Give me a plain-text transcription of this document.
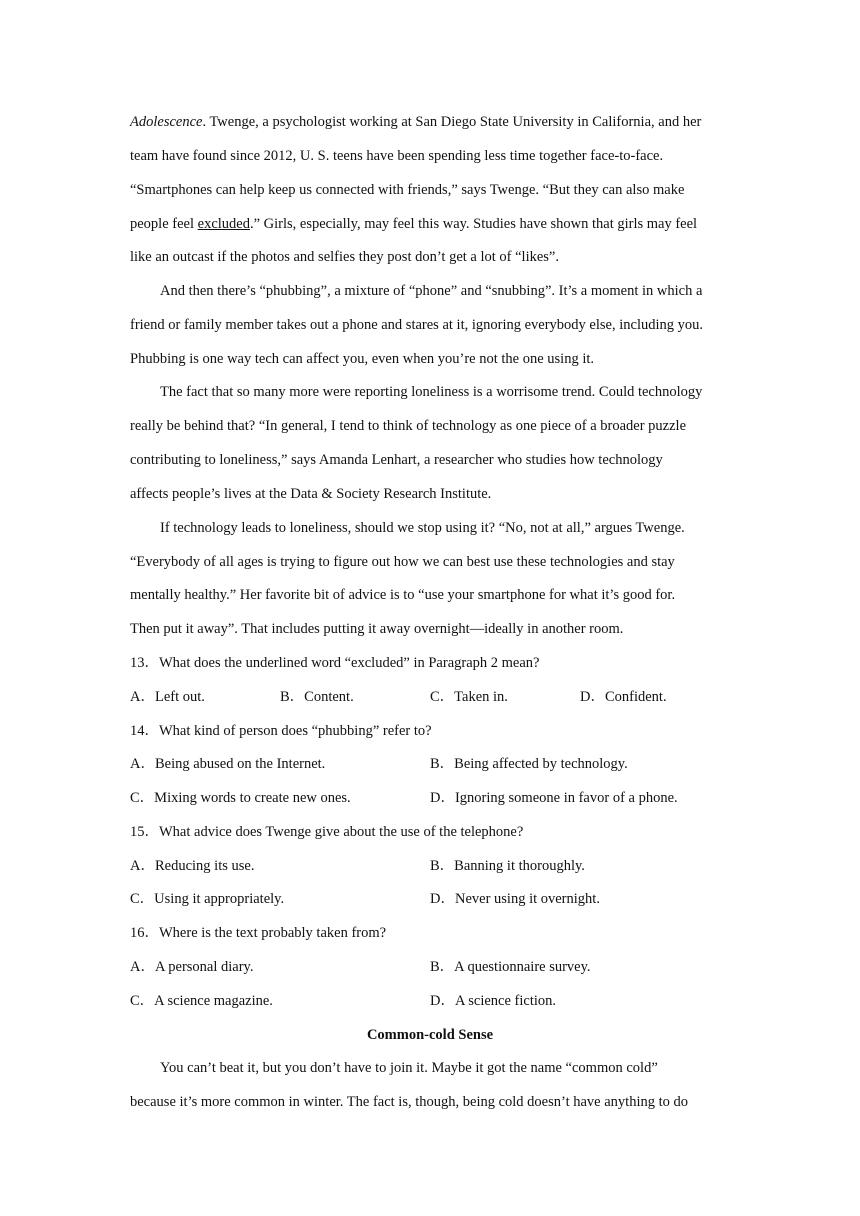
Adolescence. Twenge, a psychologist working at San Diego State University in California, and her
team have found since 2012, U. S. teens have been spending less time together face-to-face.
“Smartphones can help keep us connected with friends,” says Twenge. “But they can also make
people feel excluded.” Girls, especially, may feel this way. Studies have shown that girls may feel
like an outcast if the photos and selfies they post don’t get a lot of “likes”.
And then there’s “phubbing”, a mixture of “phone” and “snubbing”. It’s a moment in which a
friend or family member takes out a phone and stares at it, ignoring everybody else, including you.
Phubbing is one way tech can affect you, even when you’re not the one using it.
The fact that so many more were reporting loneliness is a worrisome trend. Could technology
really be behind that? “In general, I tend to think of technology as one piece of a broader puzzle
contributing to loneliness,” says Amanda Lenhart, a researcher who studies how technology
affects people’s lives at the Data & Society Research Institute.
If technology leads to loneliness, should we stop using it? “No, not at all,” argues Twenge.
“Everybody of all ages is trying to figure out how we can best use these technologies and stay
mentally healthy.” Her favorite bit of advice is to “use your smartphone for what it’s good for.
Then put it away”. That includes putting it away overnight—ideally in another room.
13．What does the underlined word “excluded” in Paragraph 2 mean?
A．Left out.	B．Content.	C．Taken in.	D．Confident.
14．What kind of person does “phubbing” refer to?
A．Being abused on the Internet.	B．Being affected by technology.
C．Mixing words to create new ones.	D．Ignoring someone in favor of a phone.
15．What advice does Twenge give about the use of the telephone?
A．Reducing its use.	B．Banning it thoroughly.
C．Using it appropriately.	D．Never using it overnight.
16．Where is the text probably taken from?
A．A personal diary.	B．A questionnaire survey.
C．A science magazine.	D．A science fiction.
Common-cold Sense
You can’t beat it, but you don’t have to join it. Maybe it got the name “common cold”
because it’s more common in winter. The fact is, though, being cold doesn’t have anything to do
